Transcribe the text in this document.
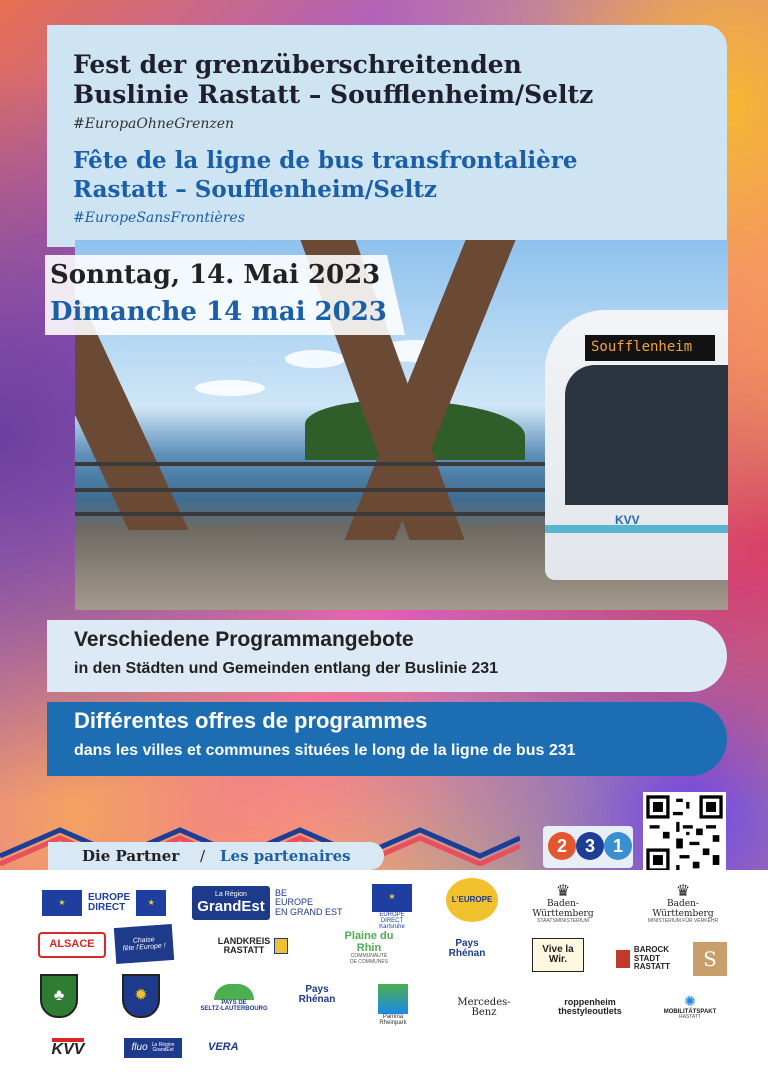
Fest der grenzüberschreitenden
Buslinie Rastatt – Soufflenheim/Seltz
#EuropaOhneGrenzen
Fête de la ligne de bus transfrontalière
Rastatt – Soufflenheim/Seltz
#EuropeSansFrontières
Soufflenheim
KVV
Sonntag, 14. Mai 2023
Dimanche 14 mai 2023
Verschiedene Programmangebote
in den Städten und Gemeinden entlang der Buslinie 231
Différentes offres de programmes
dans les villes et communes situées le long de la ligne de bus 231
Die Partner / Les partenaires	2 3 1
★	EUROPE
DIRECT	★
La Région
GrandEst
BE
EUROPE
EN GRAND EST
★
EUROPE DIRECT
Karlsruhe
L'EUROPE	♛
Baden-Württemberg
STAATSMINISTERIUM
♛
Baden-Württemberg
MINISTERIUM FÜR VERKEHR
ALSACE	Chaise
fête l'Europe !
LANDKREIS
RASTATT
Plaine du Rhin
COMMUNAUTÉ
DE COMMUNES
Pays
Rhénan	Vive la
Wir.
BAROCK
STADT
RASTATT S
♣	✹	PAYS DE
SELTZ-LAUTERBOURG
Pays
Rhénan
Pamina
Rheinpark
Mercedes-Benz
roppenheim
thestyleoutlets
✺
MOBILITÄTSPAKT
RASTATT
KVV	fluo La Région
GrandEst	VERA
